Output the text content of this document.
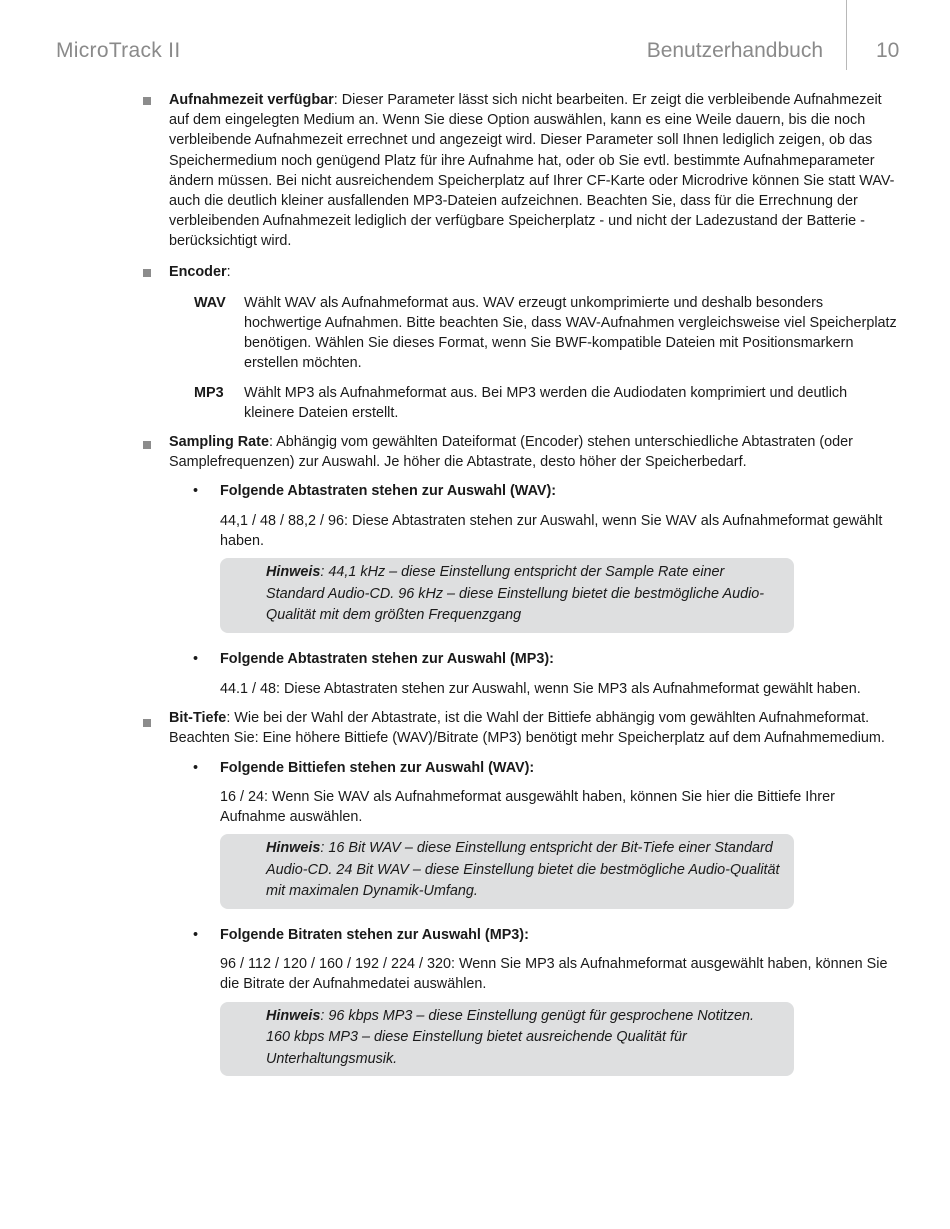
MicroTrack II	Benutzerhandbuch	10

Aufnahmezeit verfügbar: Dieser Parameter lässt sich nicht bearbeiten. Er zeigt die verbleibende Aufnahmezeit auf dem eingelegten Medium an. Wenn Sie diese Option auswählen, kann es eine Weile dauern, bis die noch verbleibende Aufnahmezeit errechnet und angezeigt wird. Dieser Parameter soll Ihnen lediglich zeigen, ob das Speichermedium noch genügend Platz für ihre Aufnahme hat, oder ob Sie evtl. bestimmte Aufnahmeparameter ändern müssen. Bei nicht ausreichendem Speicherplatz auf Ihrer CF-Karte oder Microdrive können Sie statt WAV- auch die deutlich kleiner ausfallenden MP3-Dateien aufzeichnen. Beachten Sie, dass für die Errechnung der verbleibenden Aufnahmezeit lediglich der verfügbare Speicherplatz - und nicht der Ladezustand der Batterie - berücksichtigt wird.

Encoder:

WAV	Wählt WAV als Aufnahmeformat aus. WAV erzeugt unkomprimierte und deshalb besonders hochwertige Aufnahmen. Bitte beachten Sie, dass WAV-Aufnahmen vergleichsweise viel Speicherplatz benötigen. Wählen Sie dieses Format, wenn Sie BWF-kompatible Dateien mit Positionsmarkern erstellen möchten.
MP3	Wählt MP3 als Aufnahmeformat aus. Bei MP3 werden die Audiodaten komprimiert und deutlich kleinere Dateien erstellt.

Sampling Rate: Abhängig vom gewählten Dateiformat (Encoder) stehen unterschiedliche Abtastraten (oder Samplefrequenzen) zur Auswahl. Je höher die Abtastrate, desto höher der Speicherbedarf.

• Folgende Abtastraten stehen zur Auswahl (WAV):

44,1 / 48 / 88,2 / 96: Diese Abtastraten stehen zur Auswahl, wenn Sie WAV als Aufnahmeformat gewählt haben.

Hinweis: 44,1 kHz – diese Einstellung entspricht der Sample Rate einer Standard Audio-CD. 96 kHz – diese Einstellung bietet die bestmögliche Audio-Qualität mit dem größten Frequenzgang

• Folgende Abtastraten stehen zur Auswahl (MP3):

44.1 / 48: Diese Abtastraten stehen zur Auswahl, wenn Sie MP3 als Aufnahmeformat gewählt haben.

Bit-Tiefe: Wie bei der Wahl der Abtastrate, ist die Wahl der Bittiefe abhängig vom gewählten Aufnahmeformat. Beachten Sie: Eine höhere Bittiefe (WAV)/Bitrate (MP3) benötigt mehr Speicherplatz auf dem Aufnahmemedium.

• Folgende Bittiefen stehen zur Auswahl (WAV):

16 / 24: Wenn Sie WAV als Aufnahmeformat ausgewählt haben, können Sie hier die Bittiefe Ihrer Aufnahme auswählen.

Hinweis: 16 Bit WAV – diese Einstellung entspricht der Bit-Tiefe einer Standard Audio-CD. 24 Bit WAV – diese Einstellung bietet die bestmögliche Audio-Qualität mit maximalen Dynamik-Umfang.

• Folgende Bitraten stehen zur Auswahl (MP3):

96 / 112 / 120 / 160 / 192 / 224 / 320: Wenn Sie MP3 als Aufnahmeformat ausgewählt haben, können Sie die Bitrate der Aufnahmedatei auswählen.

Hinweis: 96 kbps MP3 – diese Einstellung genügt für gesprochene Notitzen. 160 kbps MP3 – diese Einstellung bietet ausreichende Qualität für Unterhaltungsmusik.
